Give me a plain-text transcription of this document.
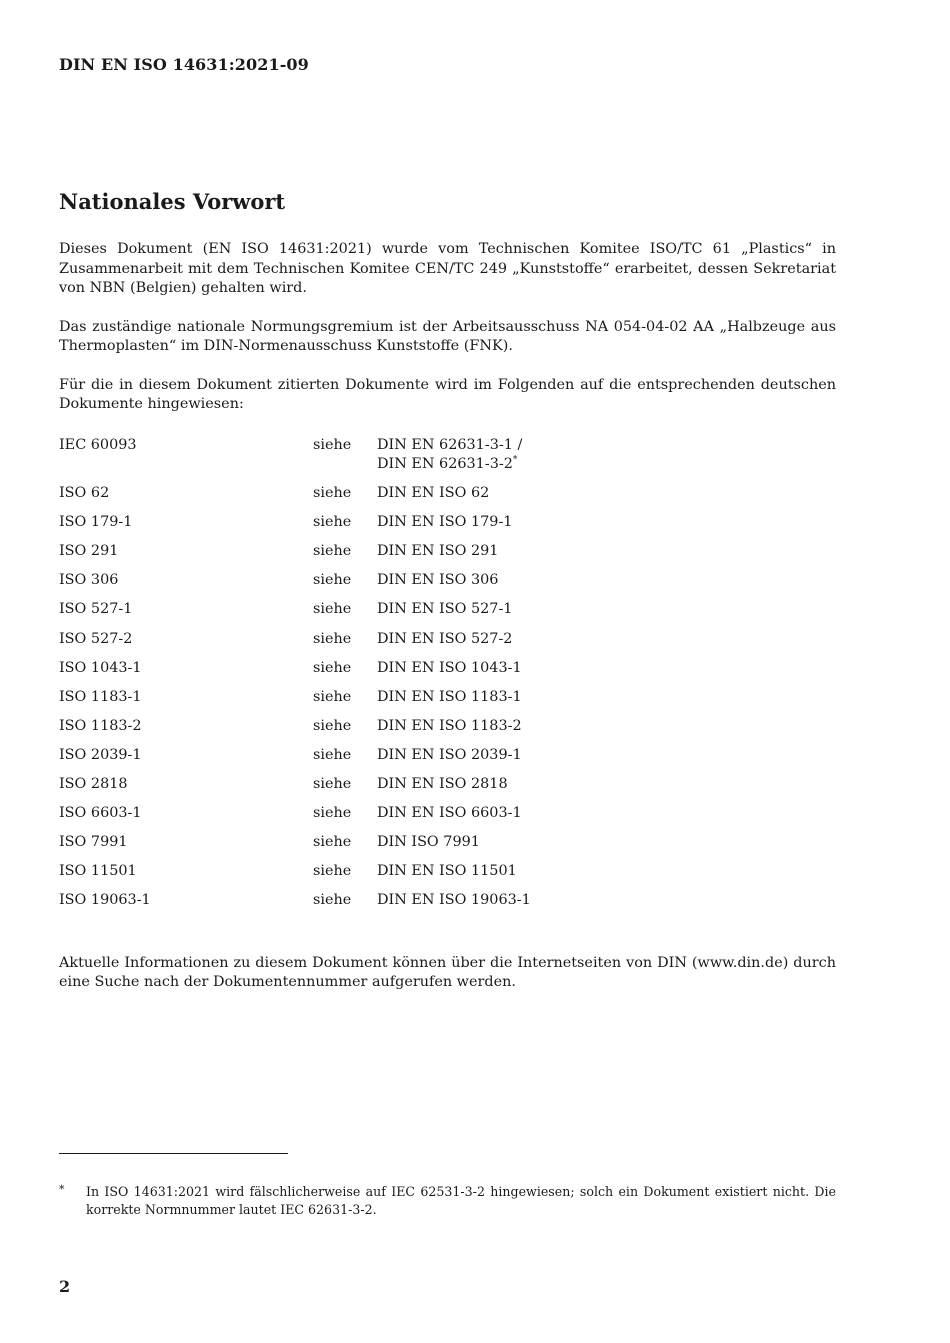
DIN EN ISO 14631:2021-09
Nationales Vorwort

Dieses Dokument (EN ISO 14631:2021) wurde vom Technischen Komitee ISO/TC 61 „Plastics“ in Zusammenarbeit mit dem Technischen Komitee CEN/TC 249 „Kunststoffe“ erarbeitet, dessen Sekretariat von NBN (Belgien) gehalten wird.

Das zuständige nationale Normungsgremium ist der Arbeitsausschuss NA 054-04-02 AA „Halbzeuge aus Thermoplasten“ im DIN-Normenausschuss Kunststoffe (FNK).

Für die in diesem Dokument zitierten Dokumente wird im Folgenden auf die entsprechenden deutschen Dokumente hingewiesen:

IEC 60093	siehe	DIN EN 62631-3-1 /
DIN EN 62631-3-2*

ISO 62	siehe	DIN EN ISO 62
ISO 179-1	siehe	DIN EN ISO 179-1
ISO 291	siehe	DIN EN ISO 291
ISO 306	siehe	DIN EN ISO 306
ISO 527-1	siehe	DIN EN ISO 527-1
ISO 527-2	siehe	DIN EN ISO 527-2
ISO 1043-1	siehe	DIN EN ISO 1043-1
ISO 1183-1	siehe	DIN EN ISO 1183-1
ISO 1183-2	siehe	DIN EN ISO 1183-2
ISO 2039-1	siehe	DIN EN ISO 2039-1
ISO 2818	siehe	DIN EN ISO 2818
ISO 6603-1	siehe	DIN EN ISO 6603-1
ISO 7991	siehe	DIN ISO 7991
ISO 11501	siehe	DIN EN ISO 11501
ISO 19063-1	siehe	DIN EN ISO 19063-1

Aktuelle Informationen zu diesem Dokument können über die Internetseiten von DIN (www.din.de) durch eine Suche nach der Dokumentennummer aufgerufen werden.

* In ISO 14631:2021 wird fälschlicherweise auf IEC 62531-3-2 hingewiesen; solch ein Dokument existiert nicht. Die korrekte Normnummer lautet IEC 62631-3-2.
2
